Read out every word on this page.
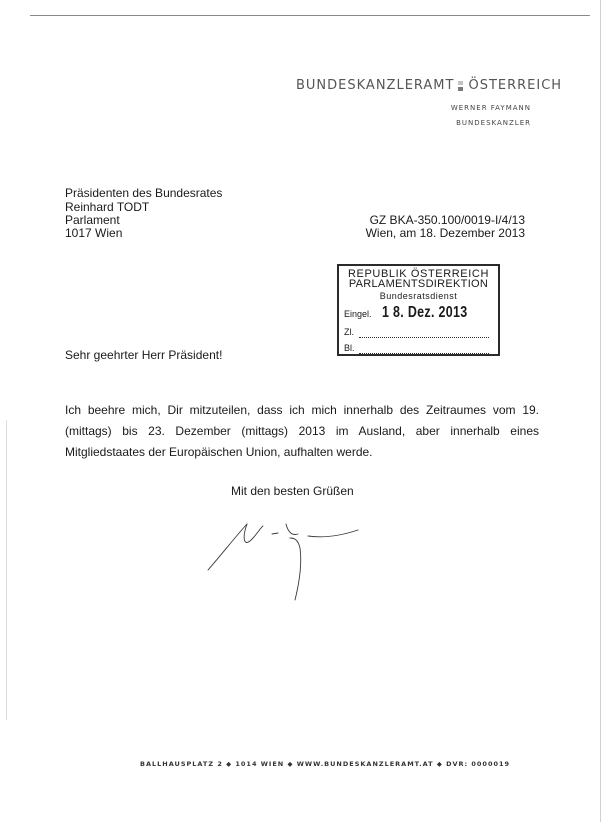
BUNDESKANZLERAMT ÖSTERREICH
WERNER FAYMANN
BUNDESKANZLER
Präsidenten des Bundesrates
Reinhard TODT
Parlament
1017 Wien
GZ BKA-350.100/0019-I/4/13
Wien, am 18. Dezember 2013
REPUBLIK ÖSTERREICH
PARLAMENTSDIREKTION
Bundesratsdienst
Eingel. 1 8. Dez. 2013
Zl.
Bl.
Sehr geehrter Herr Präsident!

Ich beehre mich, Dir mitzuteilen, dass ich mich innerhalb des Zeitraumes vom 19. (mittags) bis 23. Dezember (mittags) 2013 im Ausland, aber innerhalb eines Mitgliedstaates der Europäischen Union, aufhalten werde.

Mit den besten Grüßen
BALLHAUSPLATZ 2 ◆ 1014 WIEN ◆ WWW.BUNDESKANZLERAMT.AT ◆ DVR: 0000019
